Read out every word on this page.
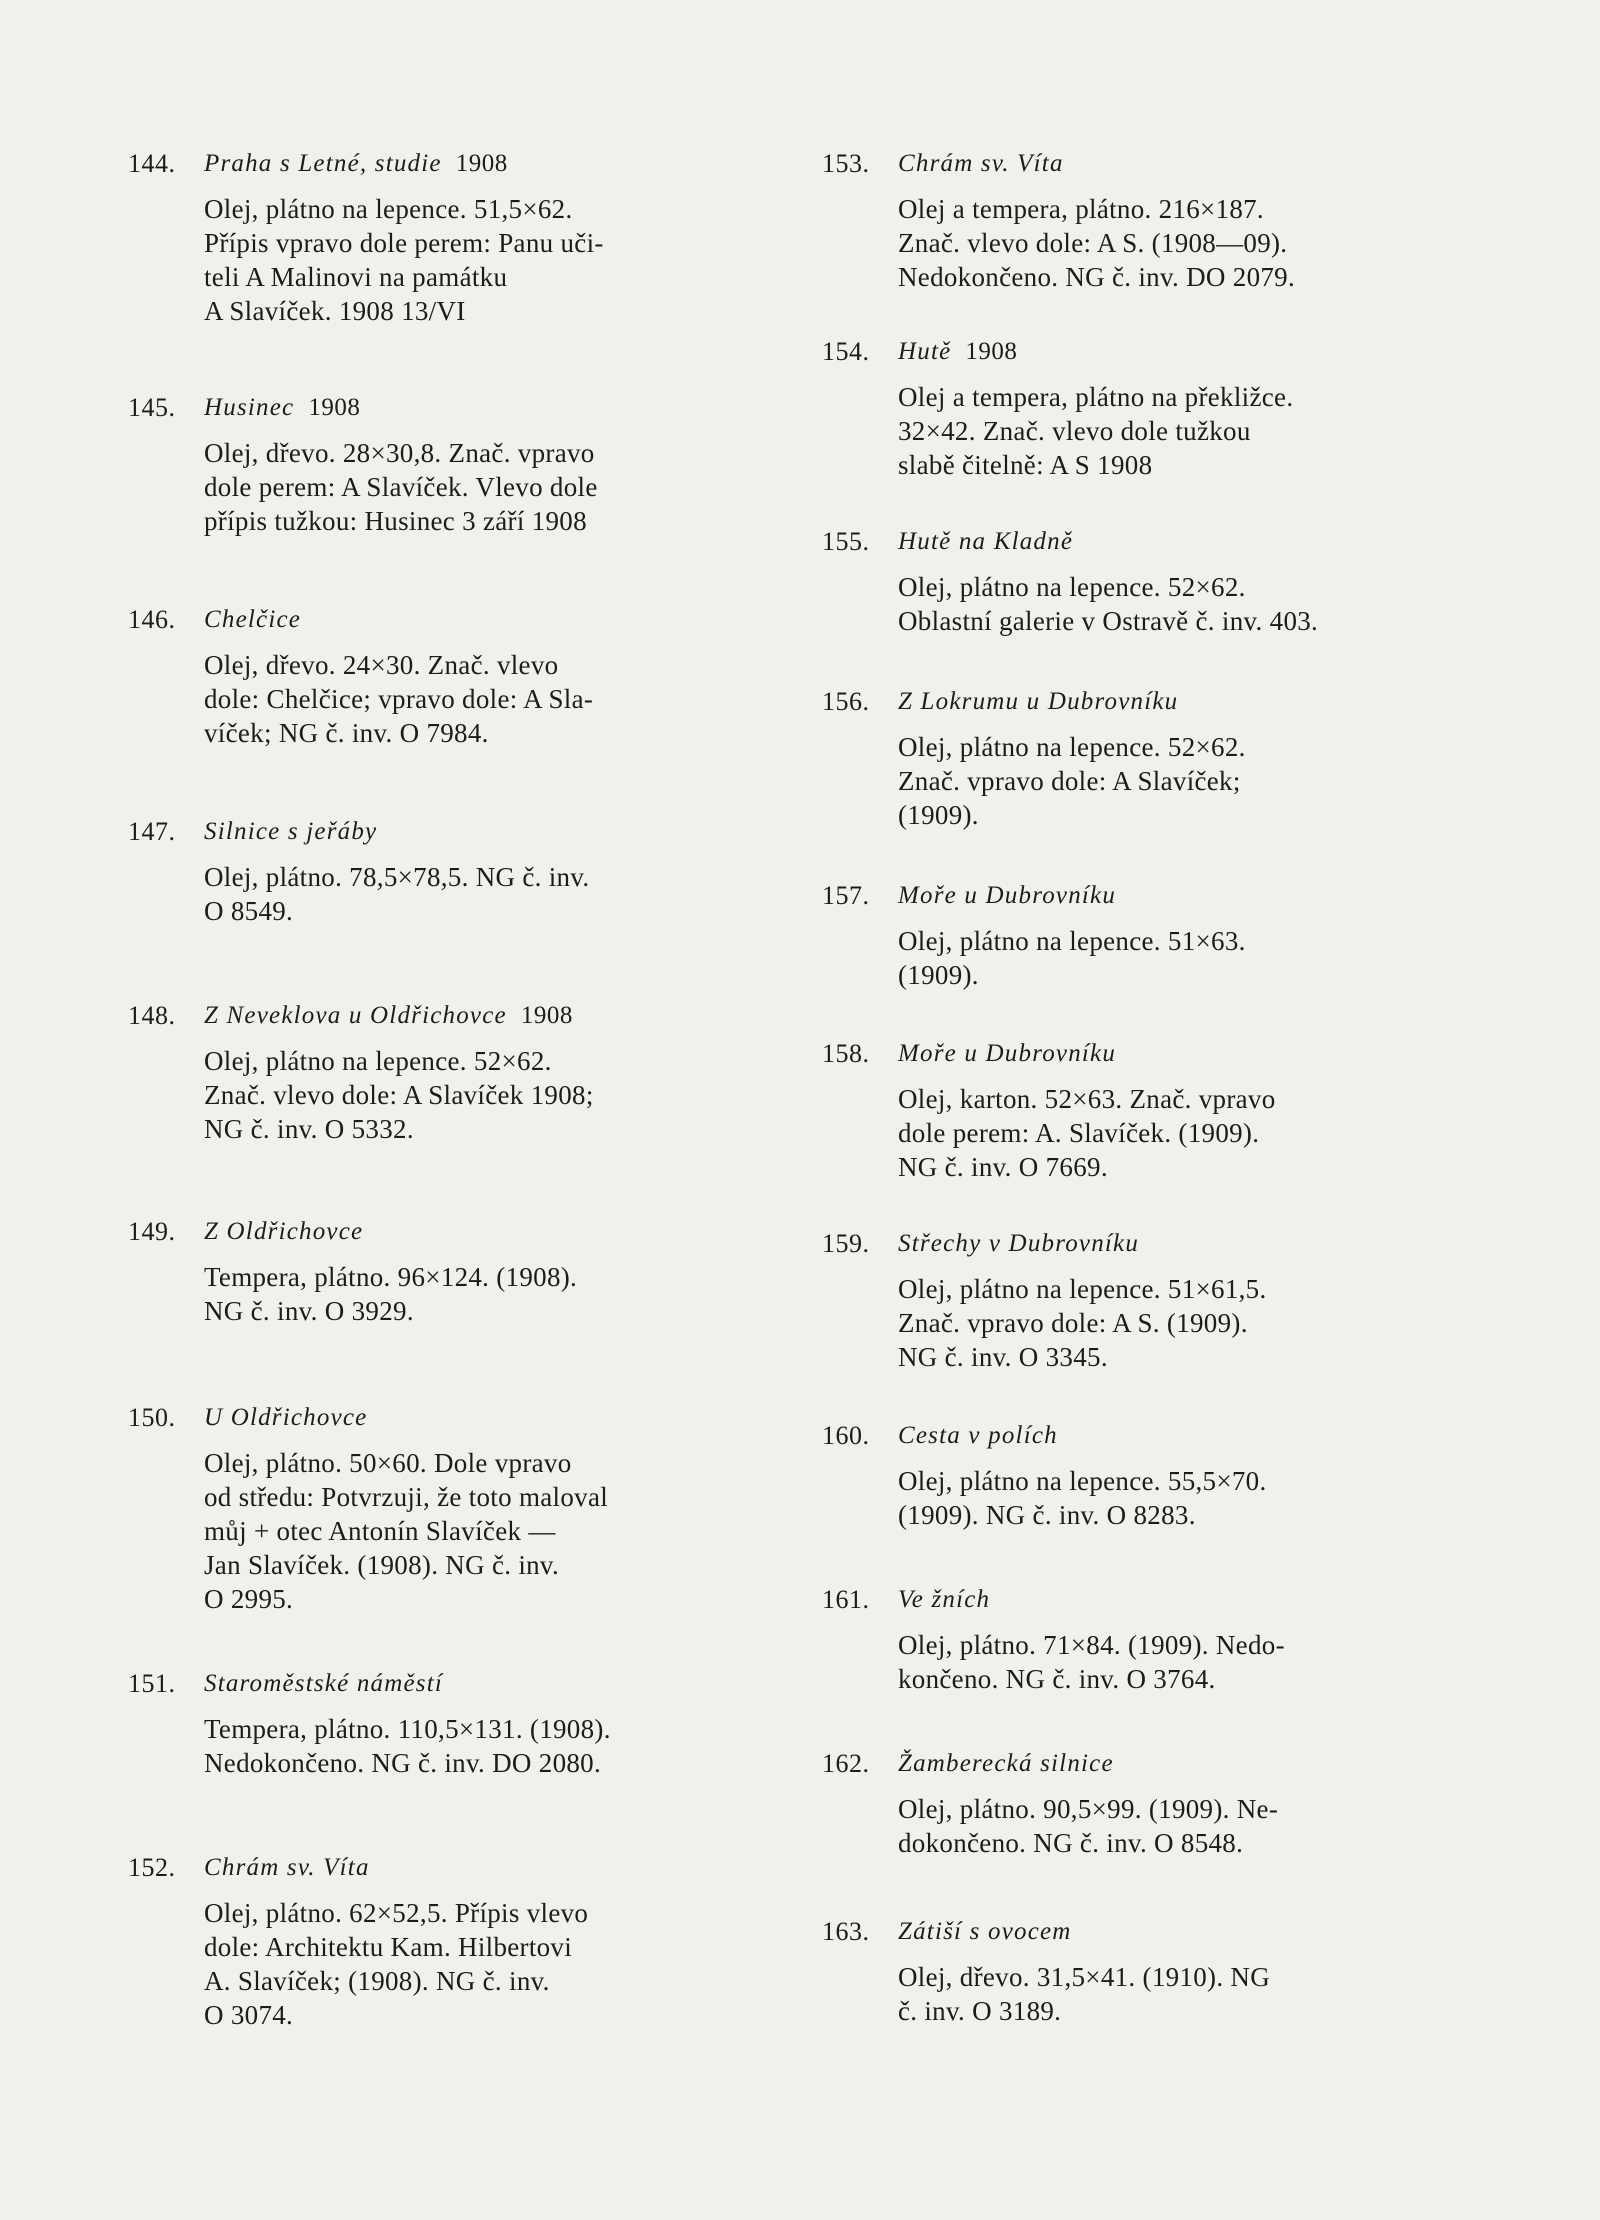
144. Praha s Letné, studie 1908
Olej, plátno na lepence. 51,5×62.
Přípis vpravo dole perem: Panu uči-
teli A Malinovi na památku
A Slavíček. 1908 13/VI
145. Husinec 1908
Olej, dřevo. 28×30,8. Znač. vpravo
dole perem: A Slavíček. Vlevo dole
přípis tužkou: Husinec 3 září 1908
146. Chelčice
Olej, dřevo. 24×30. Znač. vlevo
dole: Chelčice; vpravo dole: A Sla-
víček; NG č. inv. O 7984.
147. Silnice s jeřáby
Olej, plátno. 78,5×78,5. NG č. inv.
O 8549.
148. Z Neveklova u Oldřichovce 1908
Olej, plátno na lepence. 52×62.
Znač. vlevo dole: A Slavíček 1908;
NG č. inv. O 5332.
149. Z Oldřichovce
Tempera, plátno. 96×124. (1908).
NG č. inv. O 3929.
150. U Oldřichovce
Olej, plátno. 50×60. Dole vpravo
od středu: Potvrzuji, že toto maloval
můj + otec Antonín Slavíček —
Jan Slavíček. (1908). NG č. inv.
O 2995.
151. Staroměstské náměstí
Tempera, plátno. 110,5×131. (1908).
Nedokončeno. NG č. inv. DO 2080.
152. Chrám sv. Víta
Olej, plátno. 62×52,5. Přípis vlevo
dole: Architektu Kam. Hilbertovi
A. Slavíček; (1908). NG č. inv.
O 3074.
153. Chrám sv. Víta
Olej a tempera, plátno. 216×187.
Znač. vlevo dole: A S. (1908—09).
Nedokončeno. NG č. inv. DO 2079.
154. Hutě 1908
Olej a tempera, plátno na překližce.
32×42. Znač. vlevo dole tužkou
slabě čitelně: A S 1908
155. Hutě na Kladně
Olej, plátno na lepence. 52×62.
Oblastní galerie v Ostravě č. inv. 403.
156. Z Lokrumu u Dubrovníku
Olej, plátno na lepence. 52×62.
Znač. vpravo dole: A Slavíček;
(1909).
157. Moře u Dubrovníku
Olej, plátno na lepence. 51×63.
(1909).
158. Moře u Dubrovníku
Olej, karton. 52×63. Znač. vpravo
dole perem: A. Slavíček. (1909).
NG č. inv. O 7669.
159. Střechy v Dubrovníku
Olej, plátno na lepence. 51×61,5.
Znač. vpravo dole: A S. (1909).
NG č. inv. O 3345.
160. Cesta v polích
Olej, plátno na lepence. 55,5×70.
(1909). NG č. inv. O 8283.
161. Ve žních
Olej, plátno. 71×84. (1909). Nedo-
končeno. NG č. inv. O 3764.
162. Žamberecká silnice
Olej, plátno. 90,5×99. (1909). Ne-
dokončeno. NG č. inv. O 8548.
163. Zátiší s ovocem
Olej, dřevo. 31,5×41. (1910). NG
č. inv. O 3189.
